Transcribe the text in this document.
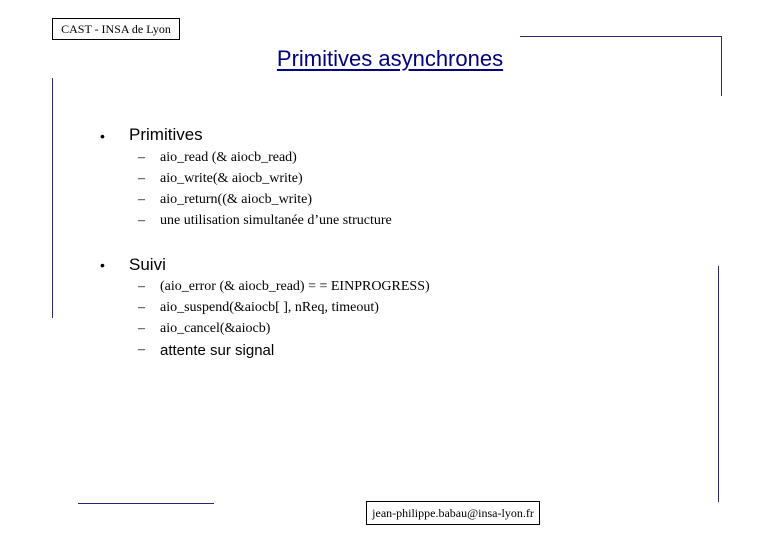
CAST - INSA de Lyon
Primitives asynchrones
• Primitives
– aio_read (& aiocb_read)
– aio_write(& aiocb_write)
– aio_return((& aiocb_write)
– une utilisation simultanée d’une structure
• Suivi
– (aio_error (& aiocb_read) = = EINPROGRESS)
– aio_suspend(&aiocb[ ], nReq, timeout)
– aio_cancel(&aiocb)
– attente sur signal
jean-philippe.babau@insa-lyon.fr
